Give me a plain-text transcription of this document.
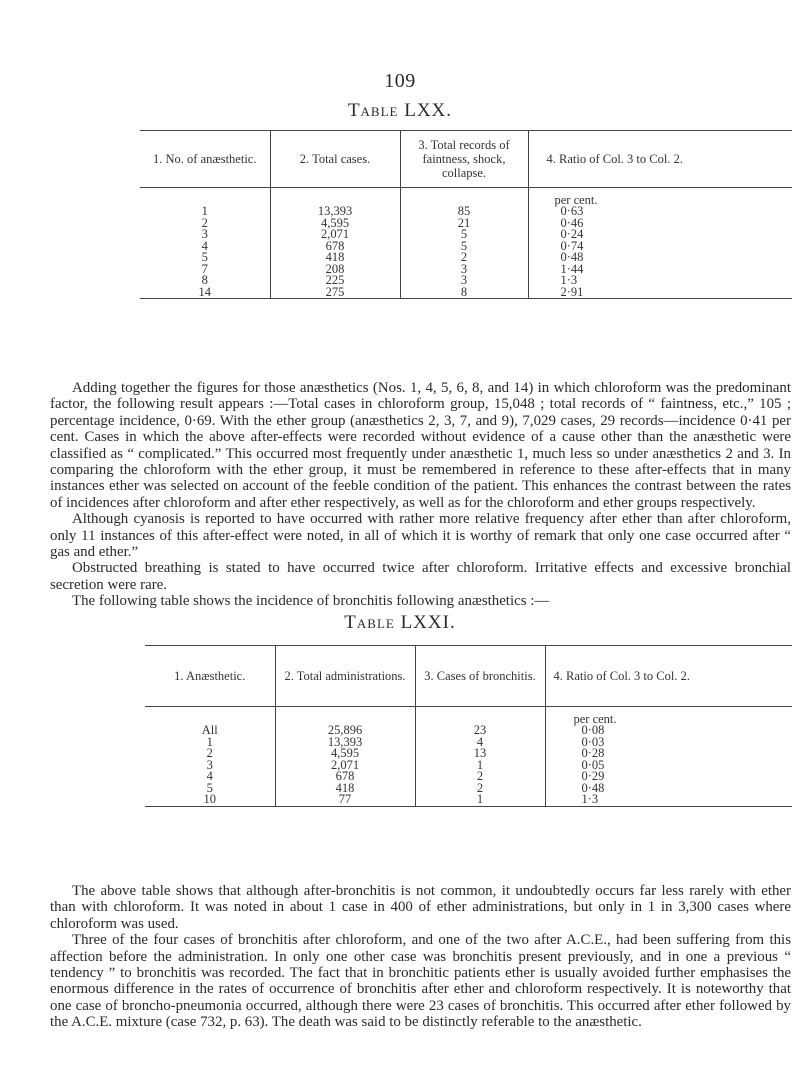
109
Table LXX.
1. No. of anæsthetic.	2. Total cases.	3. Total records of faintness, shock, collapse.	4. Ratio of Col. 3 to Col. 2.
			per cent.
1	13,393	85	0·63
2	4,595	21	0·46
3	2,071	5	0·24
4	678	5	0·74
5	418	2	0·48
7	208	3	1·44
8	225	3	1·3
14	275	8	2·91

Adding together the figures for those anæsthetics (Nos. 1, 4, 5, 6, 8, and 14) in which chloroform was the predominant factor, the following result appears :—Total cases in chloroform group, 15,048 ; total records of “ faintness, etc.,” 105 ; percentage incidence, 0·69. With the ether group (anæsthetics 2, 3, 7, and 9), 7,029 cases, 29 records—incidence 0·41 per cent. Cases in which the above after-effects were recorded without evidence of a cause other than the anæsthetic were classified as “ complicated.” This occurred most frequently under anæsthetic 1, much less so under anæsthetics 2 and 3. In comparing the chloroform with the ether group, it must be remembered in reference to these after-effects that in many instances ether was selected on account of the feeble condition of the patient. This enhances the contrast between the rates of incidences after chloroform and after ether respectively, as well as for the chloroform and ether groups respectively.

Although cyanosis is reported to have occurred with rather more relative frequency after ether than after chloroform, only 11 instances of this after-effect were noted, in all of which it is worthy of remark that only one case occurred after “ gas and ether.”

Obstructed breathing is stated to have occurred twice after chloroform. Irritative effects and excessive bronchial secretion were rare.

The following table shows the incidence of bronchitis following anæsthetics :—

Table LXXI.
1. Anæsthetic.	2. Total administrations.	3. Cases of bronchitis.	4. Ratio of Col. 3 to Col. 2.
			per cent.
All	25,896	23	0·08
1	13,393	4	0·03
2	4,595	13	0·28
3	2,071	1	0·05
4	678	2	0·29
5	418	2	0·48
10	77	1	1·3

The above table shows that although after-bronchitis is not common, it undoubtedly occurs far less rarely with ether than with chloroform. It was noted in about 1 case in 400 of ether administrations, but only in 1 in 3,300 cases where chloroform was used.

Three of the four cases of bronchitis after chloroform, and one of the two after A.C.E., had been suffering from this affection before the administration. In only one other case was bronchitis present previously, and in one a previous “ tendency ” to bronchitis was recorded. The fact that in bronchitic patients ether is usually avoided further emphasises the enormous difference in the rates of occurrence of bronchitis after ether and chloroform respectively. It is noteworthy that one case of broncho-pneumonia occurred, although there were 23 cases of bronchitis. This occurred after ether followed by the A.C.E. mixture (case 732, p. 63). The death was said to be distinctly referable to the anæsthetic.
